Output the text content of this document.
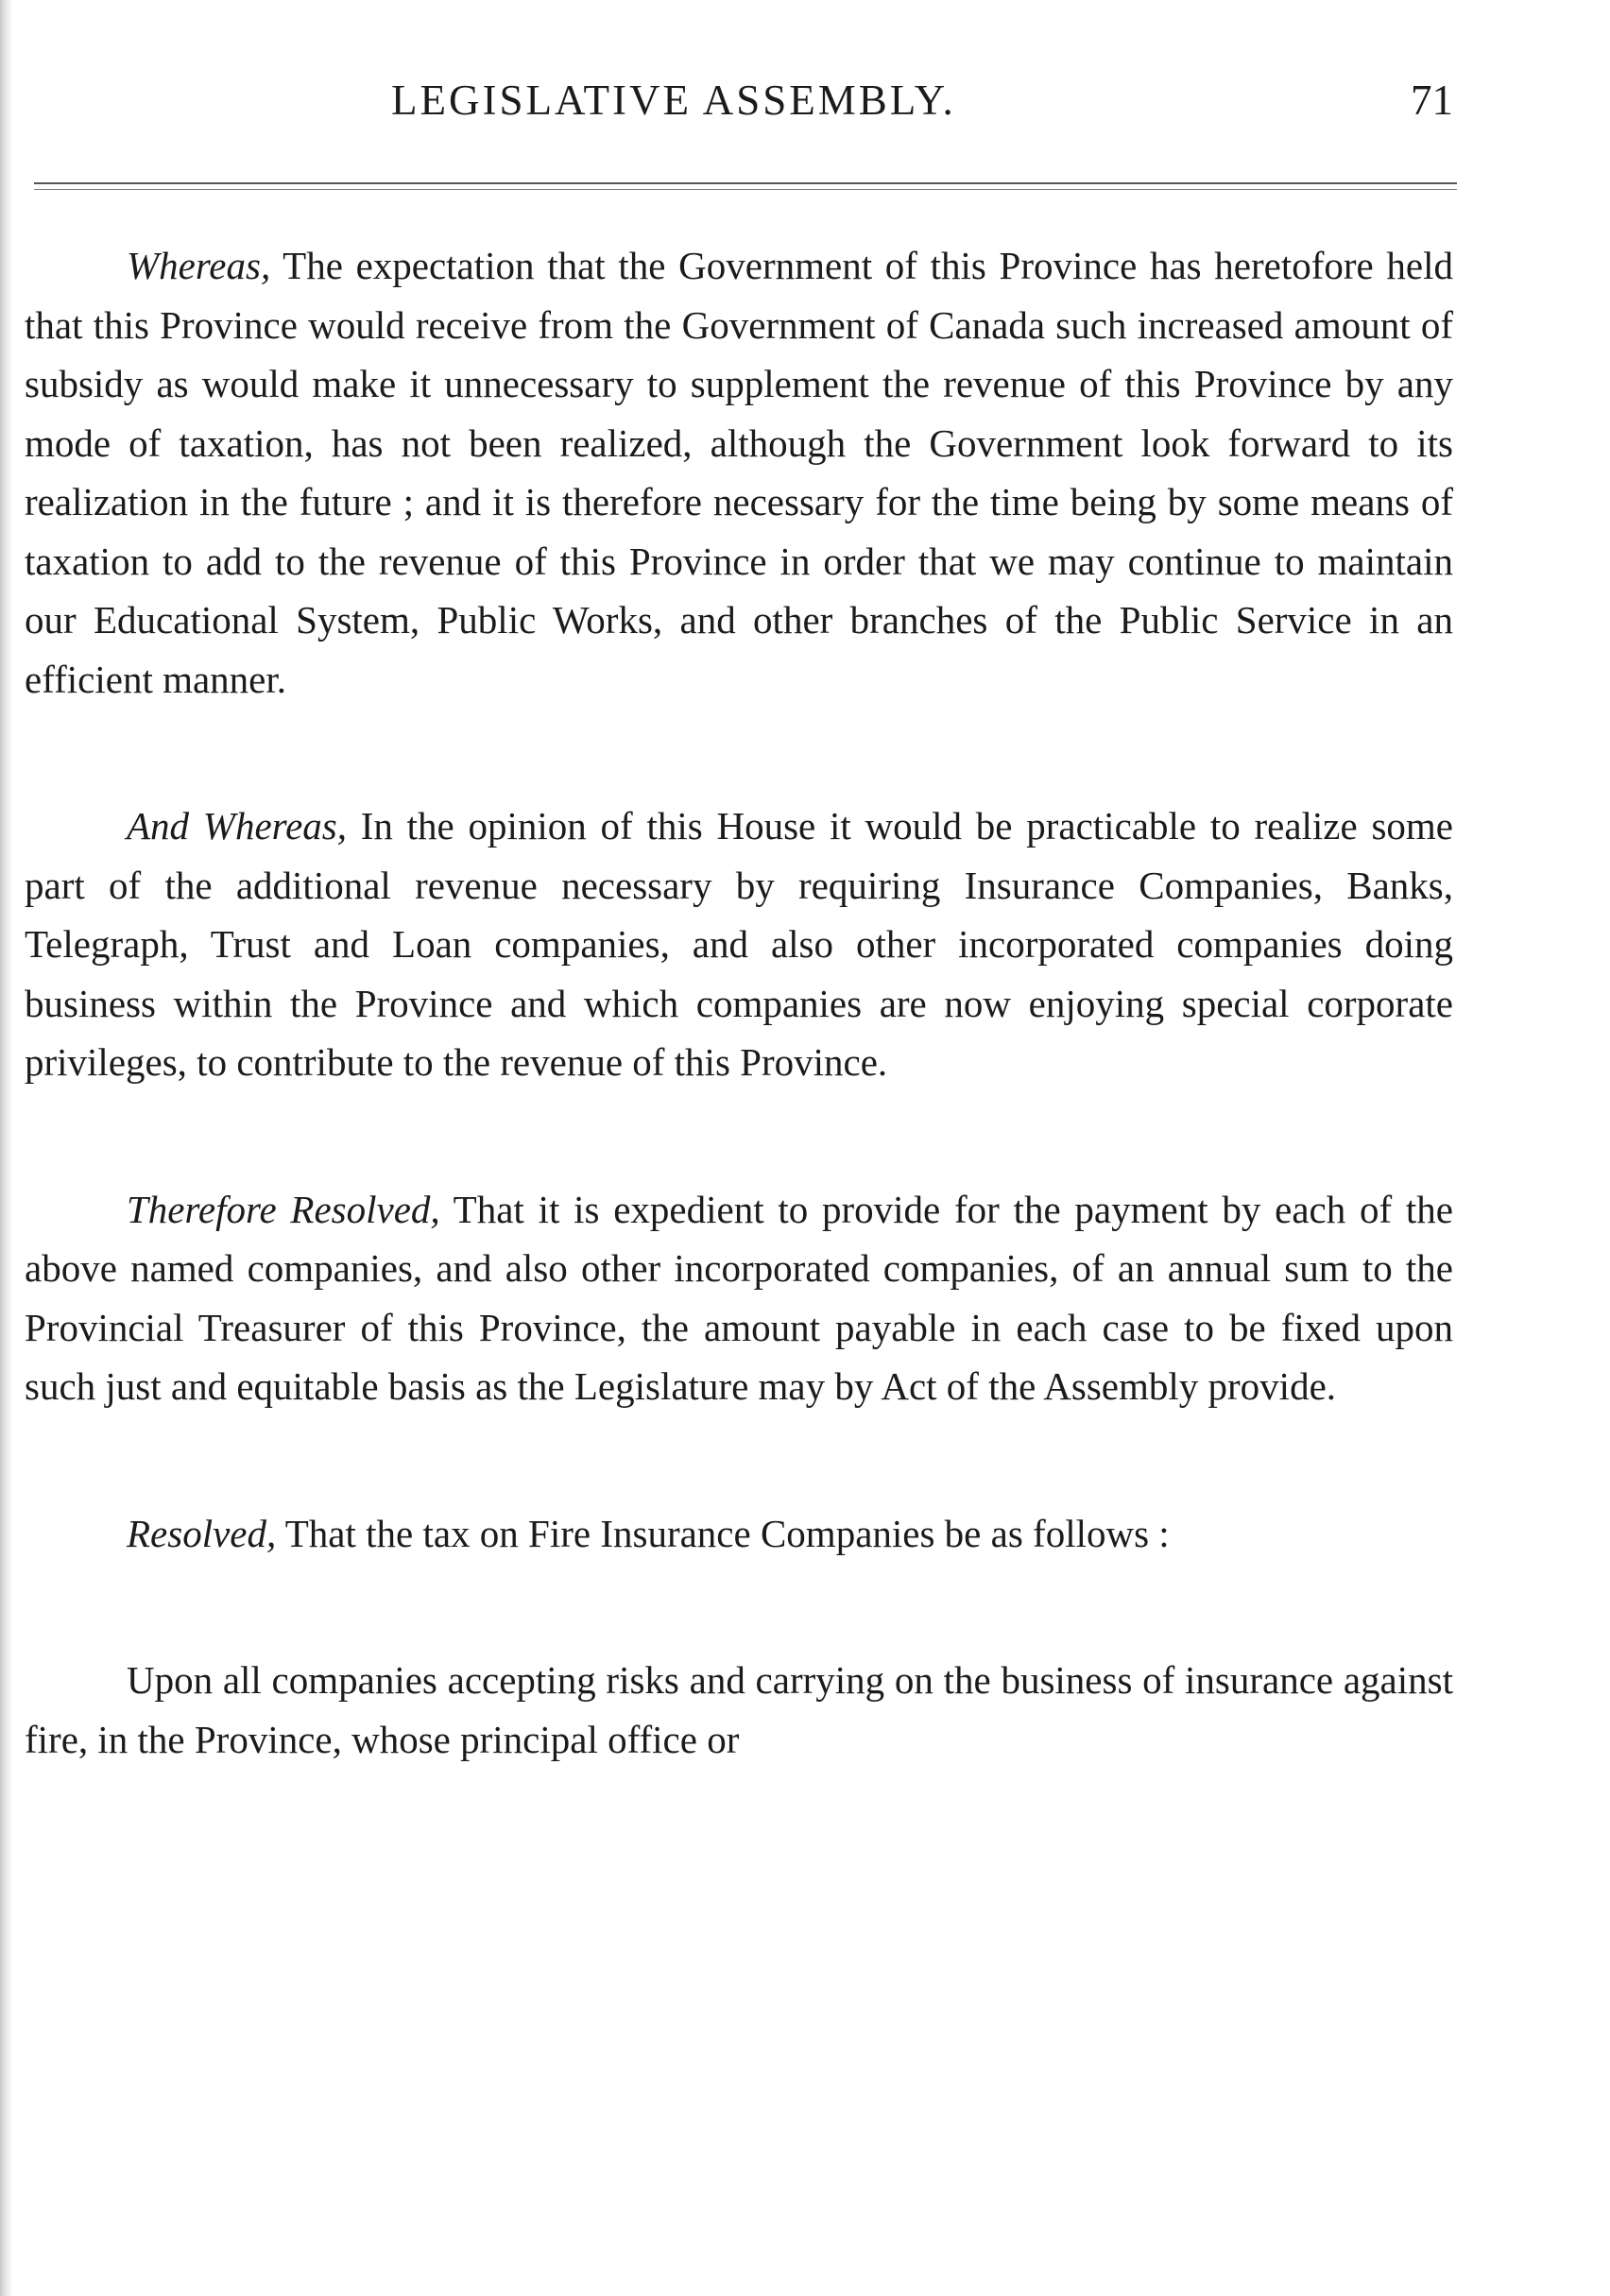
LEGISLATIVE ASSEMBLY.	71

Whereas, The expectation that the Government of this Province has heretofore held that this Province would receive from the Government of Canada such increased amount of subsidy as would make it unnecessary to supplement the revenue of this Province by any mode of taxation, has not been realized, although the Government look forward to its realization in the future ; and it is therefore necessary for the time being by some means of taxation to add to the revenue of this Province in order that we may continue to maintain our Educational System, Public Works, and other branches of the Public Service in an efficient manner.

And Whereas, In the opinion of this House it would be practicable to realize some part of the additional revenue necessary by requiring Insurance Companies, Banks, Telegraph, Trust and Loan companies, and also other incorporated companies doing business within the Province and which companies are now enjoying special corporate privileges, to contribute to the revenue of this Province.

Therefore Resolved, That it is expedient to provide for the payment by each of the above named companies, and also other incorporated companies, of an annual sum to the Provincial Treasurer of this Province, the amount payable in each case to be fixed upon such just and equitable basis as the Legislature may by Act of the Assembly provide.

Resolved, That the tax on Fire Insurance Companies be as follows :

Upon all companies accepting risks and carrying on the business of insurance against fire, in the Province, whose principal office or
